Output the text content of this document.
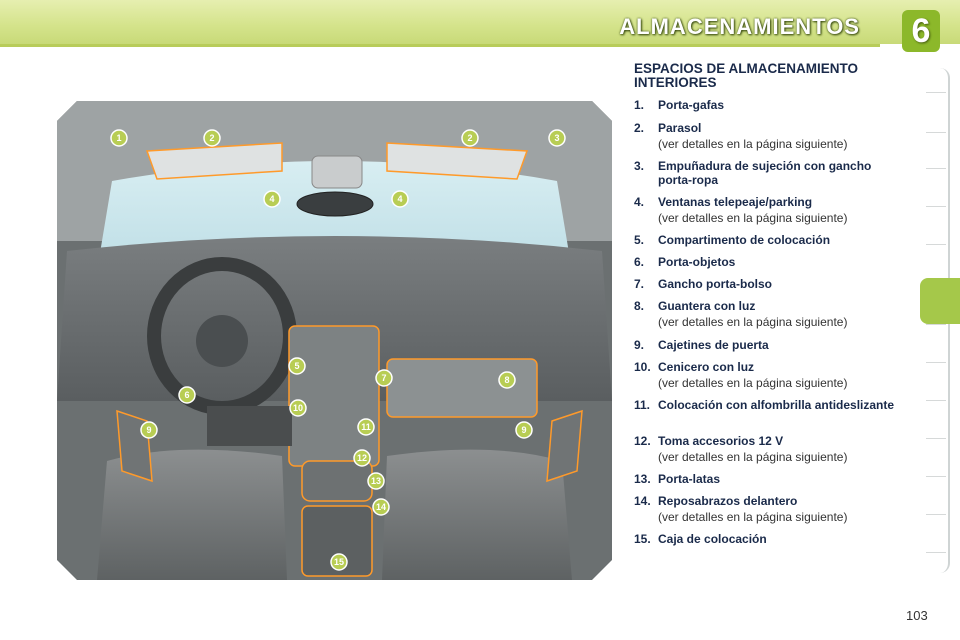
ALMACENAMIENTOS 6
1	2	2	3
4	4
5
6
7	8
9	9
10
11
12
13
14
15
ESPACIOS DE ALMACENAMIENTO INTERIORES
1. Porta-gafas
2. Parasol
(ver detalles en la página siguiente)
3. Empuñadura de sujeción con gancho porta-ropa
4. Ventanas telepeaje/parking
(ver detalles en la página siguiente)
5. Compartimento de colocación
6. Porta-objetos
7. Gancho porta-bolso
8. Guantera con luz
(ver detalles en la página siguiente)
9. Cajetines de puerta
10. Cenicero con luz
(ver detalles en la página siguiente)
11. Colocación con alfombrilla antideslizante
12. Toma accesorios 12 V
(ver detalles en la página siguiente)
13. Porta-latas
14. Reposabrazos delantero
(ver detalles en la página siguiente)
15. Caja de colocación
103
